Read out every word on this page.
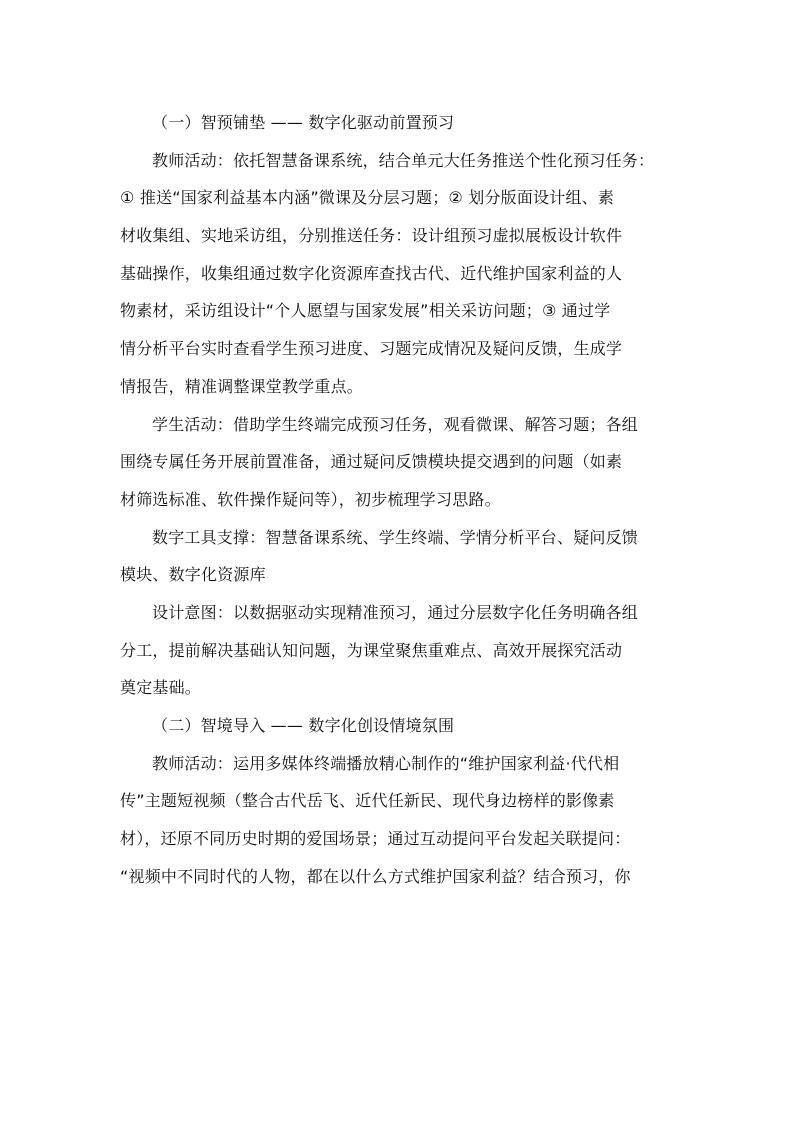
（一）智预铺垫 —— 数字化驱动前置预习
教师活动：依托智慧备课系统，结合单元大任务推送个性化预习任务：
① 推送“国家利益基本内涵”微课及分层习题；② 划分版面设计组、素
材收集组、实地采访组，分别推送任务：设计组预习虚拟展板设计软件
基础操作，收集组通过数字化资源库查找古代、近代维护国家利益的人
物素材，采访组设计“个人愿望与国家发展”相关采访问题；③ 通过学
情分析平台实时查看学生预习进度、习题完成情况及疑问反馈，生成学
情报告，精准调整课堂教学重点。
学生活动：借助学生终端完成预习任务，观看微课、解答习题；各组
围绕专属任务开展前置准备，通过疑问反馈模块提交遇到的问题（如素
材筛选标准、软件操作疑问等），初步梳理学习思路。
数字工具支撑：智慧备课系统、学生终端、学情分析平台、疑问反馈
模块、数字化资源库
设计意图：以数据驱动实现精准预习，通过分层数字化任务明确各组
分工，提前解决基础认知问题，为课堂聚焦重难点、高效开展探究活动
奠定基础。
（二）智境导入 —— 数字化创设情境氛围
教师活动：运用多媒体终端播放精心制作的“维护国家利益·代代相
传”主题短视频（整合古代岳飞、近代任新民、现代身边榜样的影像素
材），还原不同历史时期的爱国场景；通过互动提问平台发起关联提问：
“视频中不同时代的人物，都在以什么方式维护国家利益？结合预习，你
